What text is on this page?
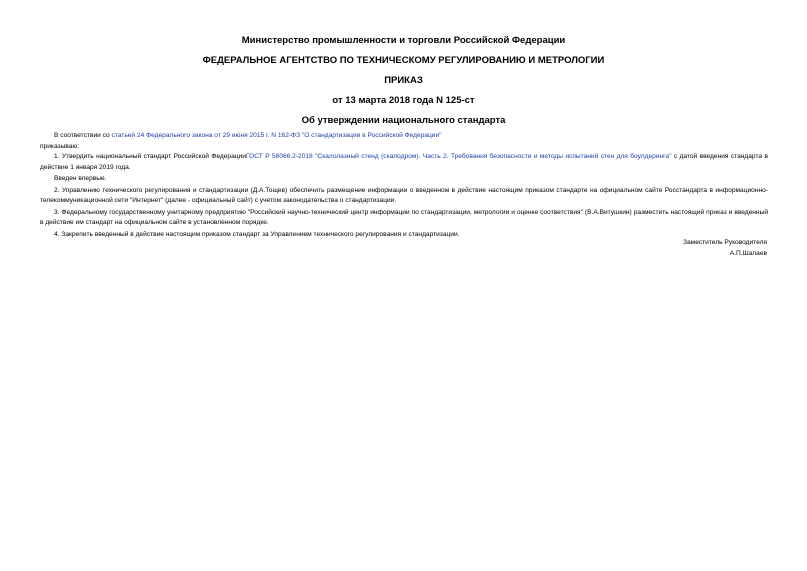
Министерство промышленности и торговли Российской Федерации
ФЕДЕРАЛЬНОЕ АГЕНТСТВО ПО ТЕХНИЧЕСКОМУ РЕГУЛИРОВАНИЮ И МЕТРОЛОГИИ
ПРИКАЗ
от 13 марта 2018 года N 125-ст
Об утверждении национального стандарта

В соответствии со статьей 24 Федерального закона от 29 июня 2015 г. N 162-ФЗ "О стандартизации в Российской Федерации"

приказываю:

1. Утвердить национальный стандарт Российской ФедерацииГОСТ Р 58066.2-2018 "Скалолазный стенд (скалодром). Часть 2. Требования безопасности и методы испытаний стен для боулдеринга" с датой введения стандарта в действие 1 января 2019 года.

Введен впервые.

2. Управлению технического регулирования и стандартизации (Д.А.Тощев) обеспечить размещение информации о введенном в действие настоящим приказом стандарте на официальном сайте Росстандарта в информационно-телекоммуникационной сети "Интернет" (далее - официальный сайт) с учетом законодательства о стандартизации.

3. Федеральному государственному унитарному предприятию "Российский научно-технический центр информации по стандартизации, метрологии и оценке соответствия" (В.А.Витушкин) разместить настоящий приказ и введенный в действие им стандарт на официальном сайте в установленном порядке.

4. Закрепить введенный в действие настоящим приказом стандарт за Управлением технического регулирования и стандартизации.

Заместитель Руководителя
А.П.Шалаев
